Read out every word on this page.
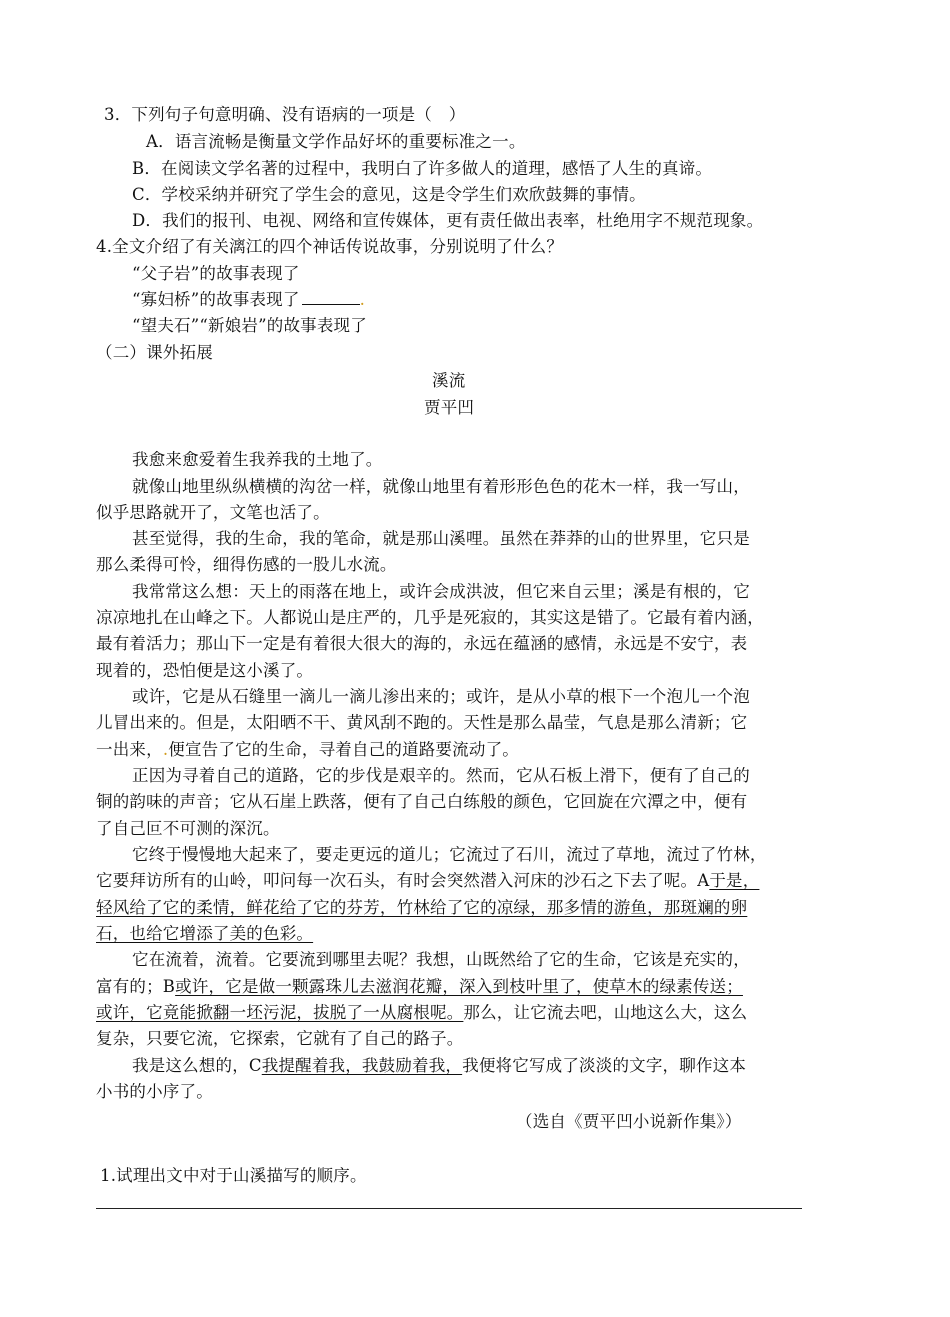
3．下列句子句意明确、没有语病的一项是（　）
A．语言流畅是衡量文学作品好坏的重要标准之一。
B．在阅读文学名著的过程中，我明白了许多做人的道理，感悟了人生的真谛。
C．学校采纳并研究了学生会的意见，这是令学生们欢欣鼓舞的事情。
D．我们的报刊、电视、网络和宣传媒体，更有责任做出表率，杜绝用字不规范现象。
4.全文介绍了有关漓江的四个神话传说故事，分别说明了什么？
“父子岩”的故事表现了
“寡妇桥”的故事表现了	.
“望夫石”“新娘岩”的故事表现了
（二）课外拓展
溪流
贾平凹
我愈来愈爱着生我养我的土地了。
就像山地里纵纵横横的沟岔一样，就像山地里有着形形色色的花木一样，我一写山，
似乎思路就开了，文笔也活了。
甚至觉得，我的生命，我的笔命，就是那山溪哩。虽然在莽莽的山的世界里，它只是
那么柔得可怜，细得伤感的一股儿水流。
我常常这么想：天上的雨落在地上，或许会成洪波，但它来自云里；溪是有根的，它
凉凉地扎在山峰之下。人都说山是庄严的，几乎是死寂的，其实这是错了。它最有着内涵，
最有着活力；那山下一定是有着很大很大的海的，永远在蕴涵的感情，永远是不安宁，表
现着的，恐怕便是这小溪了。
或许，它是从石缝里一滴儿一滴儿渗出来的；或许，是从小草的根下一个泡儿一个泡
儿冒出来的。但是，太阳晒不干、黄风刮不跑的。天性是那么晶莹，气息是那么清新；它
一出来，.便宣告了它的生命，寻着自己的道路要流动了。
正因为寻着自己的道路，它的步伐是艰辛的。然而，它从石板上滑下，便有了自己的
铜的韵味的声音；它从石崖上跌落，便有了自己白练般的颜色，它回旋在穴潭之中，便有
了自己叵不可测的深沉。
它终于慢慢地大起来了，要走更远的道儿；它流过了石川，流过了草地，流过了竹林，
它要拜访所有的山岭，叩问每一次石头，有时会突然潜入河床的沙石之下去了呢。A于是，
轻风给了它的柔情，鲜花给了它的芬芳，竹林给了它的凉绿，那多情的游鱼，那斑斓的卵
石，也给它增添了美的色彩。
它在流着，流着。它要流到哪里去呢？我想，山既然给了它的生命，它该是充实的，
富有的；B或许，它是做一颗露珠儿去滋润花瓣，深入到枝叶里了，使草木的绿素传送；
或许，它竟能掀翻一坯污泥，拔脱了一从腐根呢。那么，让它流去吧，山地这么大，这么
复杂，只要它流，它探索，它就有了自己的路子。
我是这么想的，C我提醒着我，我鼓励着我，我便将它写成了淡淡的文字，聊作这本
小书的小序了。
（选自《贾平凹小说新作集》）
1.试理出文中对于山溪描写的顺序。
